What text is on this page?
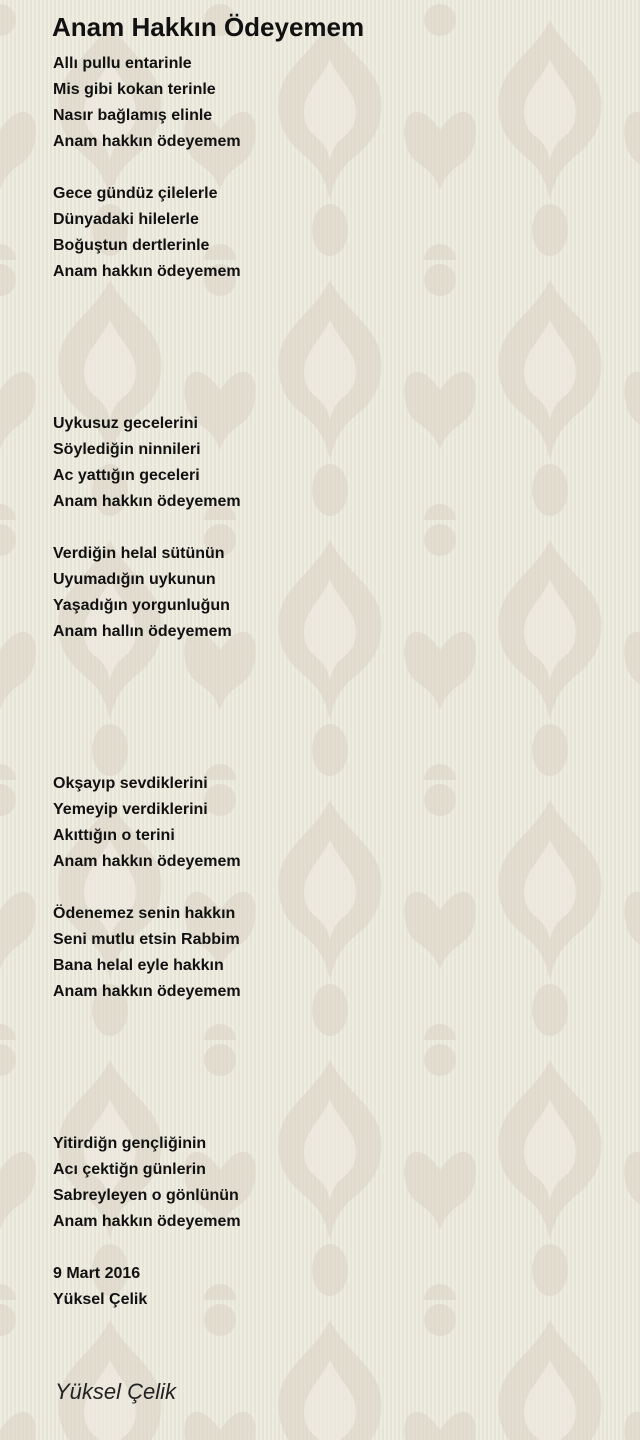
Anam Hakkın Ödeyemem
Allı pullu entarinle
Mis gibi kokan terinle
Nasır bağlamış elinle
Anam hakkın ödeyemem
Gece gündüz çilelerle
Dünyadaki hilelerle
Boğuştun dertlerinle
Anam hakkın ödeyemem
Uykusuz gecelerini
Söylediğin ninnileri
Ac yattığın geceleri
Anam hakkın ödeyemem
Verdiğin helal sütünün
Uyumadığın uykunun
Yaşadığın yorgunluğun
Anam hallın ödeyemem
Okşayıp sevdiklerini
Yemeyip verdiklerini
Akıttığın o terini
Anam hakkın ödeyemem
Ödenemez senin hakkın
Seni mutlu etsin Rabbim
Bana helal eyle hakkın
Anam hakkın ödeyemem
Yitirdiğn gençliğinin
Acı çektiğn günlerin
Sabreyleyen o gönlünün
Anam hakkın ödeyemem
9 Mart 2016
Yüksel Çelik
Yüksel Çelik
